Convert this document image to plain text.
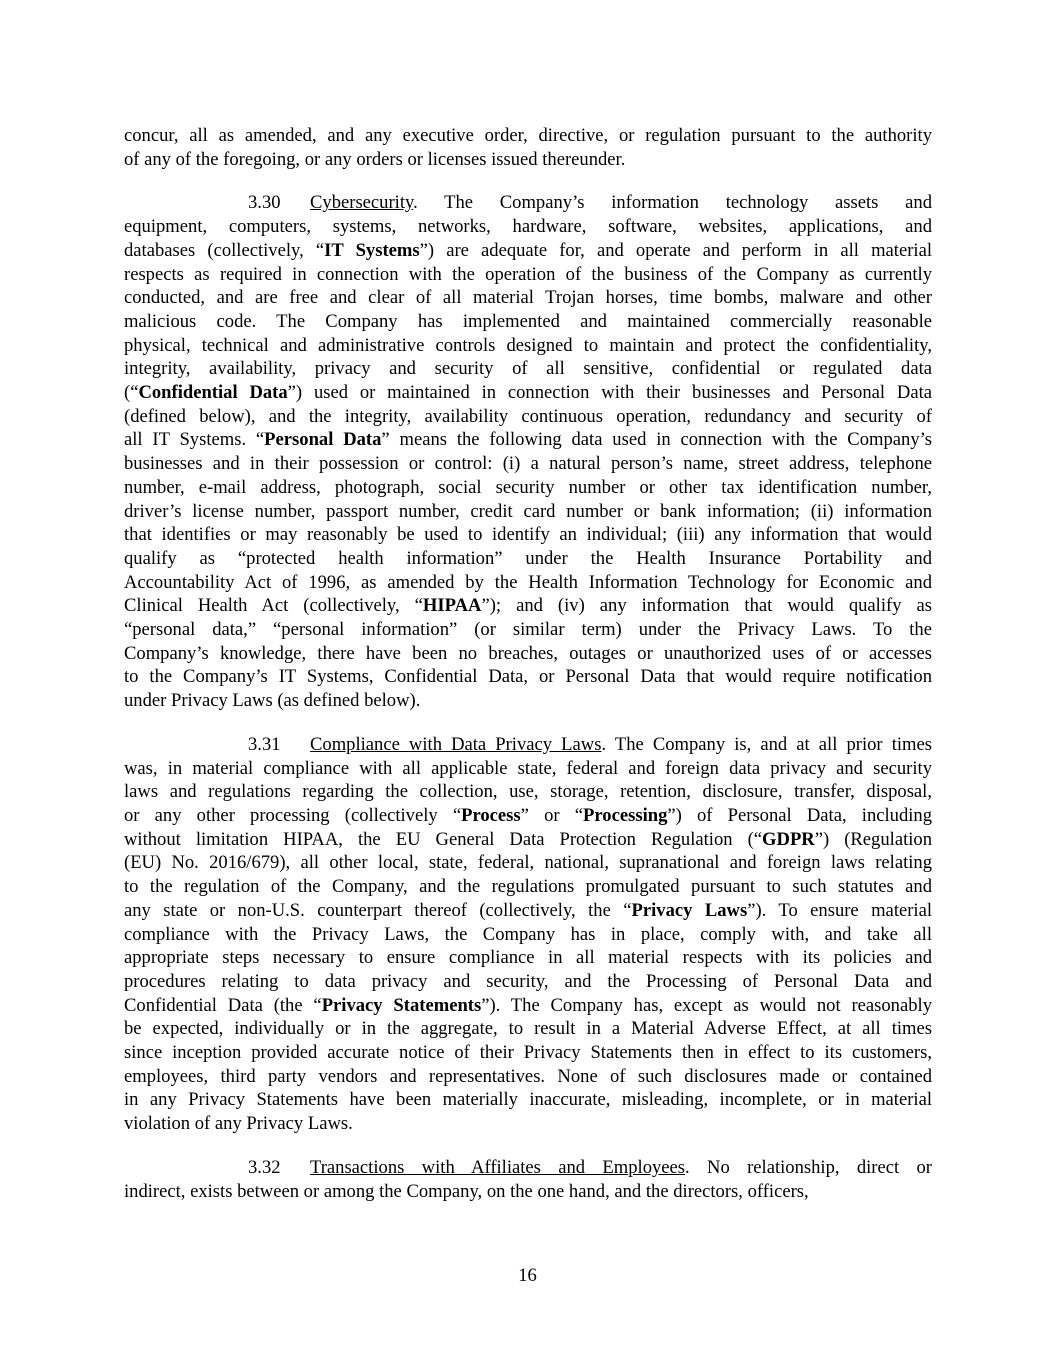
concur, all as amended, and any executive order, directive, or regulation pursuant to the authority
of any of the foregoing, or any orders or licenses issued thereunder.
3.30 Cybersecurity. The Company’s information technology assets and
equipment, computers, systems, networks, hardware, software, websites, applications, and
databases (collectively, “IT Systems”) are adequate for, and operate and perform in all material
respects as required in connection with the operation of the business of the Company as currently
conducted, and are free and clear of all material Trojan horses, time bombs, malware and other
malicious code. The Company has implemented and maintained commercially reasonable
physical, technical and administrative controls designed to maintain and protect the confidentiality,
integrity, availability, privacy and security of all sensitive, confidential or regulated data
(“Confidential Data”) used or maintained in connection with their businesses and Personal Data
(defined below), and the integrity, availability continuous operation, redundancy and security of
all IT Systems. “Personal Data” means the following data used in connection with the Company’s
businesses and in their possession or control: (i) a natural person’s name, street address, telephone
number, e-mail address, photograph, social security number or other tax identification number,
driver’s license number, passport number, credit card number or bank information; (ii) information
that identifies or may reasonably be used to identify an individual; (iii) any information that would
qualify as “protected health information” under the Health Insurance Portability and
Accountability Act of 1996, as amended by the Health Information Technology for Economic and
Clinical Health Act (collectively, “HIPAA”); and (iv) any information that would qualify as
“personal data,” “personal information” (or similar term) under the Privacy Laws. To the
Company’s knowledge, there have been no breaches, outages or unauthorized uses of or accesses
to the Company’s IT Systems, Confidential Data, or Personal Data that would require notification
under Privacy Laws (as defined below).
3.31 Compliance with Data Privacy Laws. The Company is, and at all prior times
was, in material compliance with all applicable state, federal and foreign data privacy and security
laws and regulations regarding the collection, use, storage, retention, disclosure, transfer, disposal,
or any other processing (collectively “Process” or “Processing”) of Personal Data, including
without limitation HIPAA, the EU General Data Protection Regulation (“GDPR”) (Regulation
(EU) No. 2016/679), all other local, state, federal, national, supranational and foreign laws relating
to the regulation of the Company, and the regulations promulgated pursuant to such statutes and
any state or non-U.S. counterpart thereof (collectively, the “Privacy Laws”). To ensure material
compliance with the Privacy Laws, the Company has in place, comply with, and take all
appropriate steps necessary to ensure compliance in all material respects with its policies and
procedures relating to data privacy and security, and the Processing of Personal Data and
Confidential Data (the “Privacy Statements”). The Company has, except as would not reasonably
be expected, individually or in the aggregate, to result in a Material Adverse Effect, at all times
since inception provided accurate notice of their Privacy Statements then in effect to its customers,
employees, third party vendors and representatives. None of such disclosures made or contained
in any Privacy Statements have been materially inaccurate, misleading, incomplete, or in material
violation of any Privacy Laws.
3.32 Transactions with Affiliates and Employees. No relationship, direct or
indirect, exists between or among the Company, on the one hand, and the directors, officers,
16
